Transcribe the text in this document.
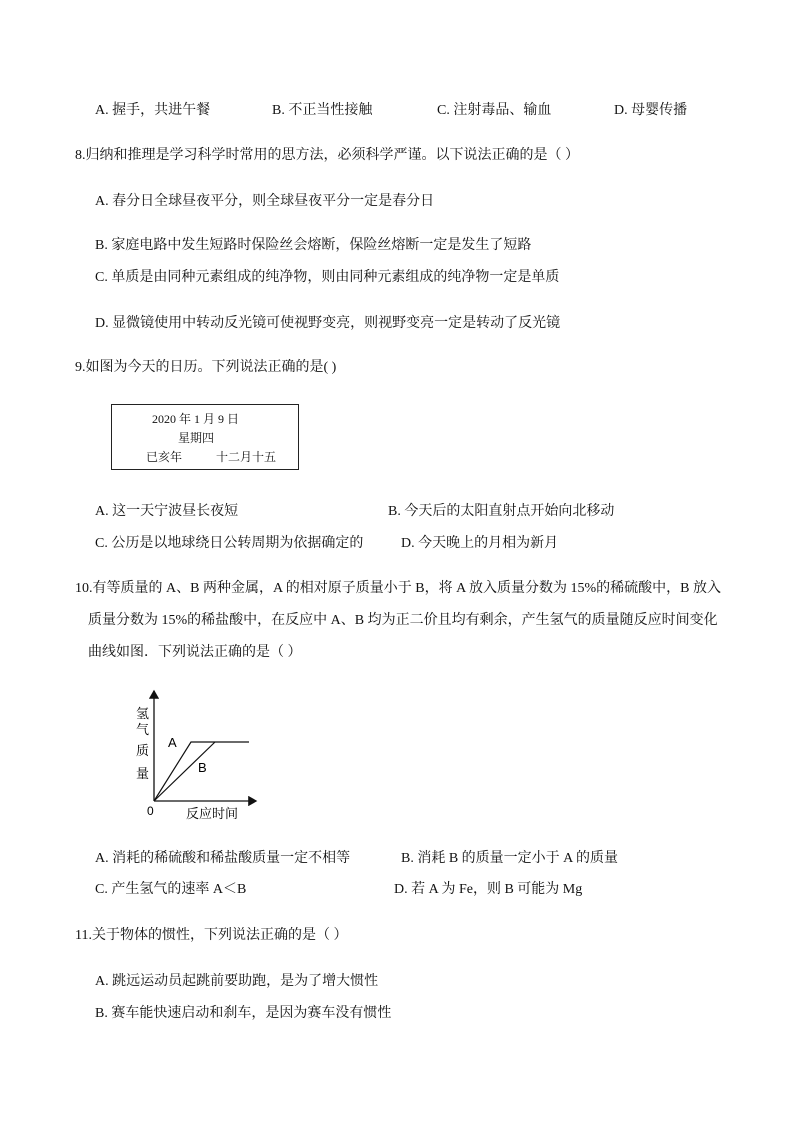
A. 握手，共进午餐	B. 不正当性接触	C. 注射毒品、输血	D. 母婴传播
8.归纳和推理是学习科学时常用的思方法，必须科学严谨。以下说法正确的是（ ）
A. 春分日全球昼夜平分，则全球昼夜平分一定是春分日
B. 家庭电路中发生短路时保险丝会熔断，保险丝熔断一定是发生了短路
C. 单质是由同种元素组成的纯净物，则由同种元素组成的纯净物一定是单质
D. 显微镜使用中转动反光镜可使视野变亮，则视野变亮一定是转动了反光镜
9.如图为今天的日历。下列说法正确的是( )
2020 年 1 月 9 日
星期四
已亥年	十二月十五
A. 这一天宁波昼长夜短	B. 今天后的太阳直射点开始向北移动
C. 公历是以地球绕日公转周期为依据确定的	D. 今天晚上的月相为新月
10.有等质量的 A、B 两种金属，A 的相对原子质量小于 B，将 A 放入质量分数为 15%的稀硫酸中，B 放入
质量分数为 15%的稀盐酸中，在反应中 A、B 均为正二价且均有剩余，产生氢气的质量随反应时间变化
曲线如图．下列说法正确的是（ ）
氢
气
质
量
A
B
0 反应时间
A. 消耗的稀硫酸和稀盐酸质量一定不相等	B. 消耗 B 的质量一定小于 A 的质量
C. 产生氢气的速率 A＜B	D. 若 A 为 Fe，则 B 可能为 Mg
11.关于物体的惯性，下列说法正确的是（ ）
A. 跳远运动员起跳前要助跑，是为了增大惯性
B. 赛车能快速启动和刹车，是因为赛车没有惯性
